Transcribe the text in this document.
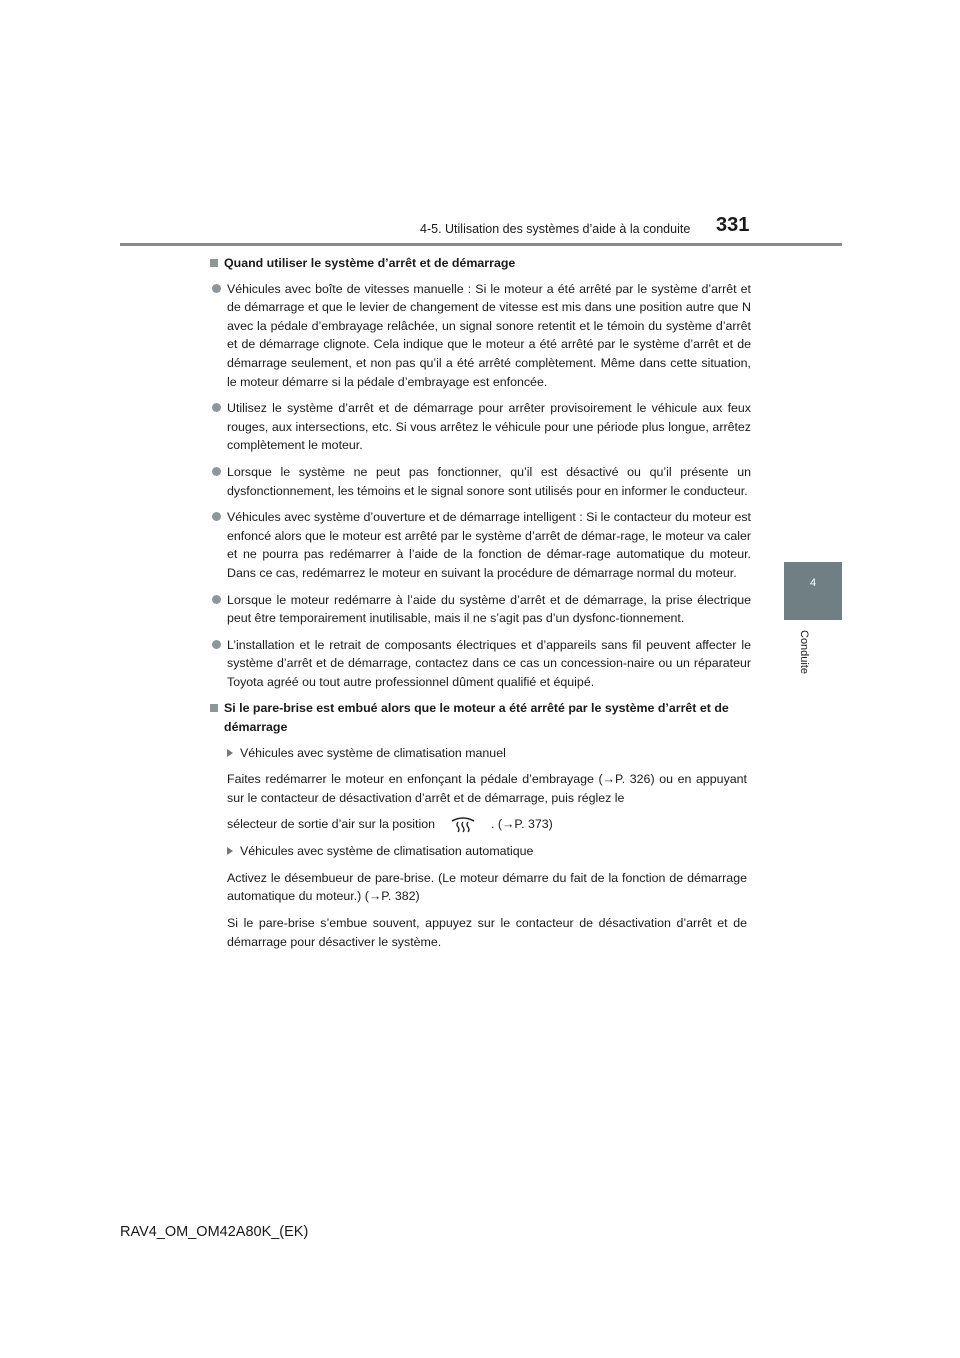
4-5. Utilisation des systèmes d’aide à la conduite 331
4
Conduite

Quand utiliser le système d’arrêt et de démarrage

Véhicules avec boîte de vitesses manuelle : Si le moteur a été arrêté par le système d’arrêt et de démarrage et que le levier de changement de vitesse est mis dans une position autre que N avec la pédale d’embrayage relâchée, un signal sonore retentit et le témoin du système d’arrêt et de démarrage clignote. Cela indique que le moteur a été arrêté par le système d’arrêt et de démarrage seulement, et non pas qu’il a été arrêté complètement. Même dans cette situation, le moteur démarre si la pédale d’embrayage est enfoncée.

Utilisez le système d’arrêt et de démarrage pour arrêter provisoirement le véhicule aux feux rouges, aux intersections, etc. Si vous arrêtez le véhicule pour une période plus longue, arrêtez complètement le moteur.

Lorsque le système ne peut pas fonctionner, qu’il est désactivé ou qu’il présente un dysfonctionnement, les témoins et le signal sonore sont utilisés pour en informer le conducteur.

Véhicules avec système d’ouverture et de démarrage intelligent : Si le contacteur du moteur est enfoncé alors que le moteur est arrêté par le système d’arrêt de démar-rage, le moteur va caler et ne pourra pas redémarrer à l’aide de la fonction de démar-rage automatique du moteur. Dans ce cas, redémarrez le moteur en suivant la procédure de démarrage normal du moteur.

Lorsque le moteur redémarre à l’aide du système d’arrêt et de démarrage, la prise électrique peut être temporairement inutilisable, mais il ne s’agit pas d’un dysfonc-tionnement.

L’installation et le retrait de composants électriques et d’appareils sans fil peuvent affecter le système d’arrêt et de démarrage, contactez dans ce cas un concession-naire ou un réparateur Toyota agréé ou tout autre professionnel dûment qualifié et équipé.

Si le pare-brise est embué alors que le moteur a été arrêté par le système d’arrêt et de démarrage

Véhicules avec système de climatisation manuel

Faites redémarrer le moteur en enfonçant la pédale d’embrayage (→P. 326) ou en appuyant sur le contacteur de désactivation d’arrêt et de démarrage, puis réglez le

sélecteur de sortie d’air sur la position	. (→P. 373)

Véhicules avec système de climatisation automatique

Activez le désembueur de pare-brise. (Le moteur démarre du fait de la fonction de démarrage automatique du moteur.) (→P. 382)

Si le pare-brise s’embue souvent, appuyez sur le contacteur de désactivation d’arrêt et de démarrage pour désactiver le système.

RAV4_OM_OM42A80K_(EK)
